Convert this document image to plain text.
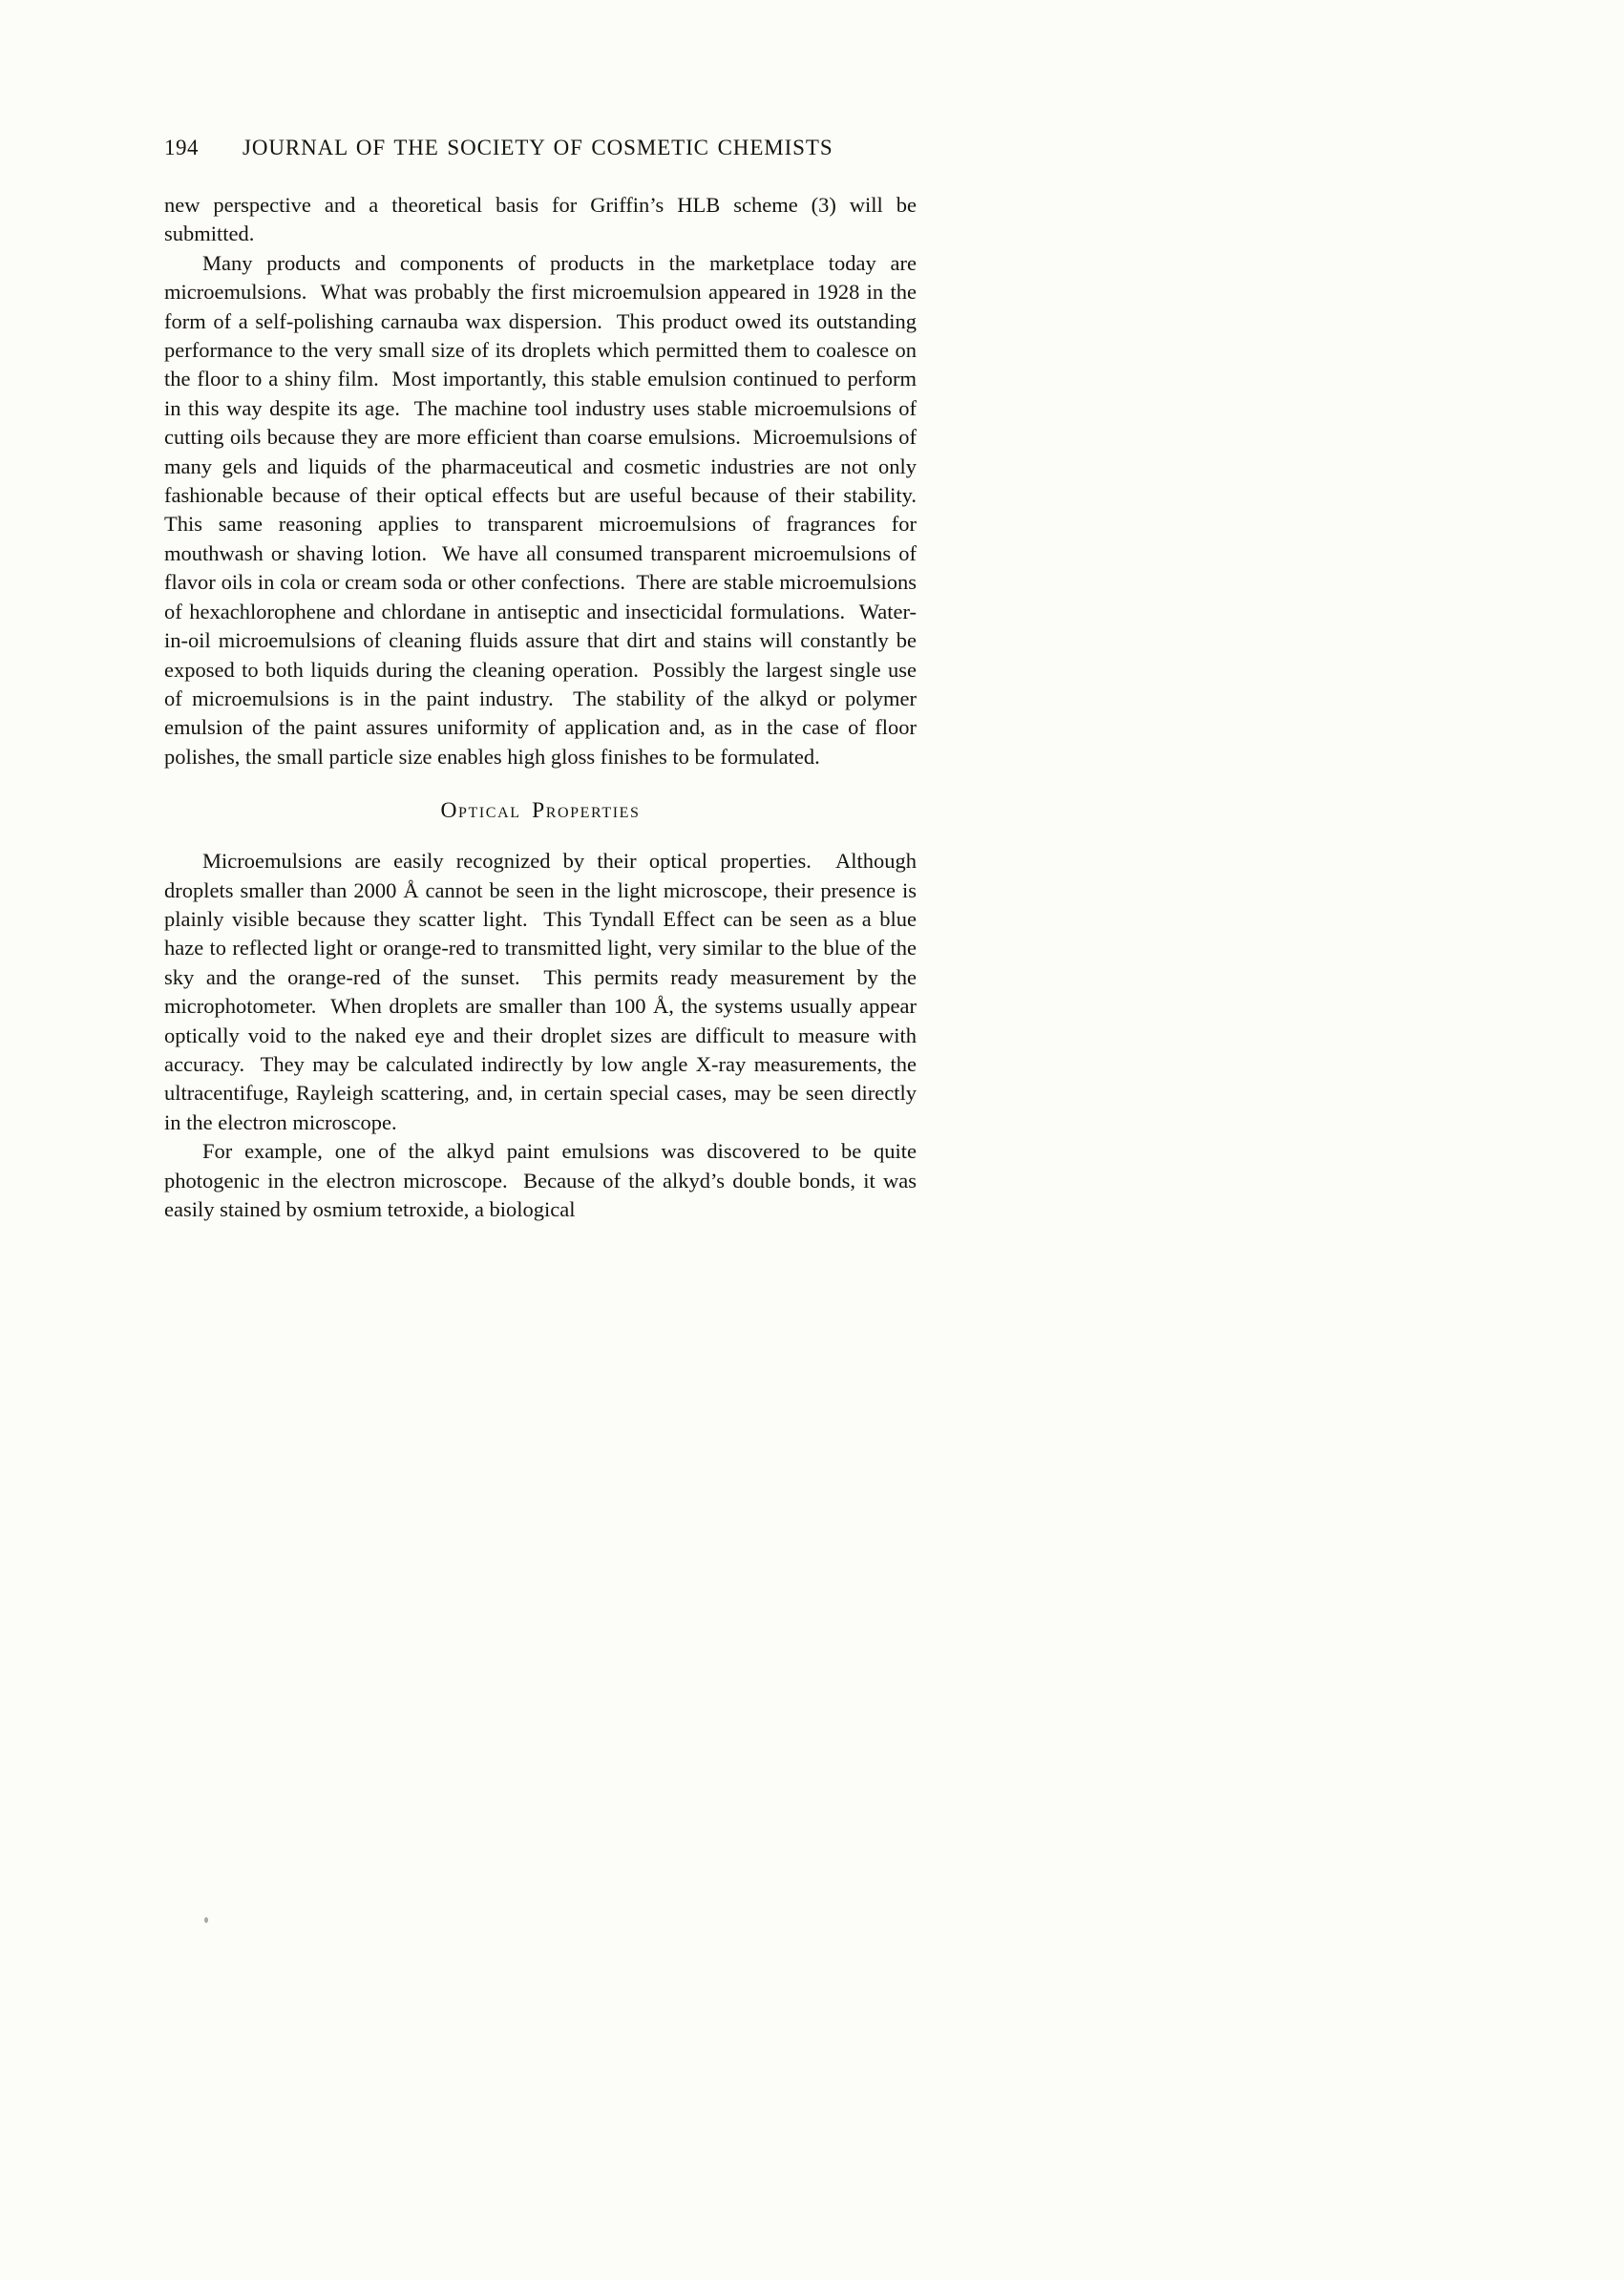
194 JOURNAL OF THE SOCIETY OF COSMETIC CHEMISTS

new perspective and a theoretical basis for Griffin’s HLB scheme (3) will be submitted.

Many products and components of products in the marketplace today are microemulsions.  What was probably the first microemulsion appeared in 1928 in the form of a self-polishing carnauba wax dispersion.  This product owed its outstanding performance to the very small size of its droplets which permitted them to coalesce on the floor to a shiny film.  Most importantly, this stable emulsion continued to perform in this way despite its age.  The machine tool industry uses stable microemulsions of cutting oils because they are more efficient than coarse emulsions.  Microemulsions of many gels and liquids of the pharmaceutical and cosmetic industries are not only fashionable because of their optical effects but are useful because of their stability.  This same reasoning applies to transparent microemulsions of fragrances for mouthwash or shaving lotion.  We have all consumed transparent microemulsions of flavor oils in cola or cream soda or other confections.  There are stable microemulsions of hexachlorophene and chlordane in antiseptic and insecticidal formulations.  Water-in-oil microemulsions of cleaning fluids assure that dirt and stains will constantly be exposed to both liquids during the cleaning operation.  Possibly the largest single use of microemulsions is in the paint industry.  The stability of the alkyd or polymer emulsion of the paint assures uniformity of application and, as in the case of floor polishes, the small particle size enables high gloss finishes to be formulated.

Optical Properties

Microemulsions are easily recognized by their optical properties.  Although droplets smaller than 2000 Å cannot be seen in the light microscope, their presence is plainly visible because they scatter light.  This Tyndall Effect can be seen as a blue haze to reflected light or orange-red to transmitted light, very similar to the blue of the sky and the orange-red of the sunset.  This permits ready measurement by the microphotometer.  When droplets are smaller than 100 Å, the systems usually appear optically void to the naked eye and their droplet sizes are difficult to measure with accuracy.  They may be calculated indirectly by low angle X-ray measurements, the ultracentifuge, Rayleigh scattering, and, in certain special cases, may be seen directly in the electron microscope.

For example, one of the alkyd paint emulsions was discovered to be quite photogenic in the electron microscope.  Because of the alkyd’s double bonds, it was easily stained by osmium tetroxide, a biological
